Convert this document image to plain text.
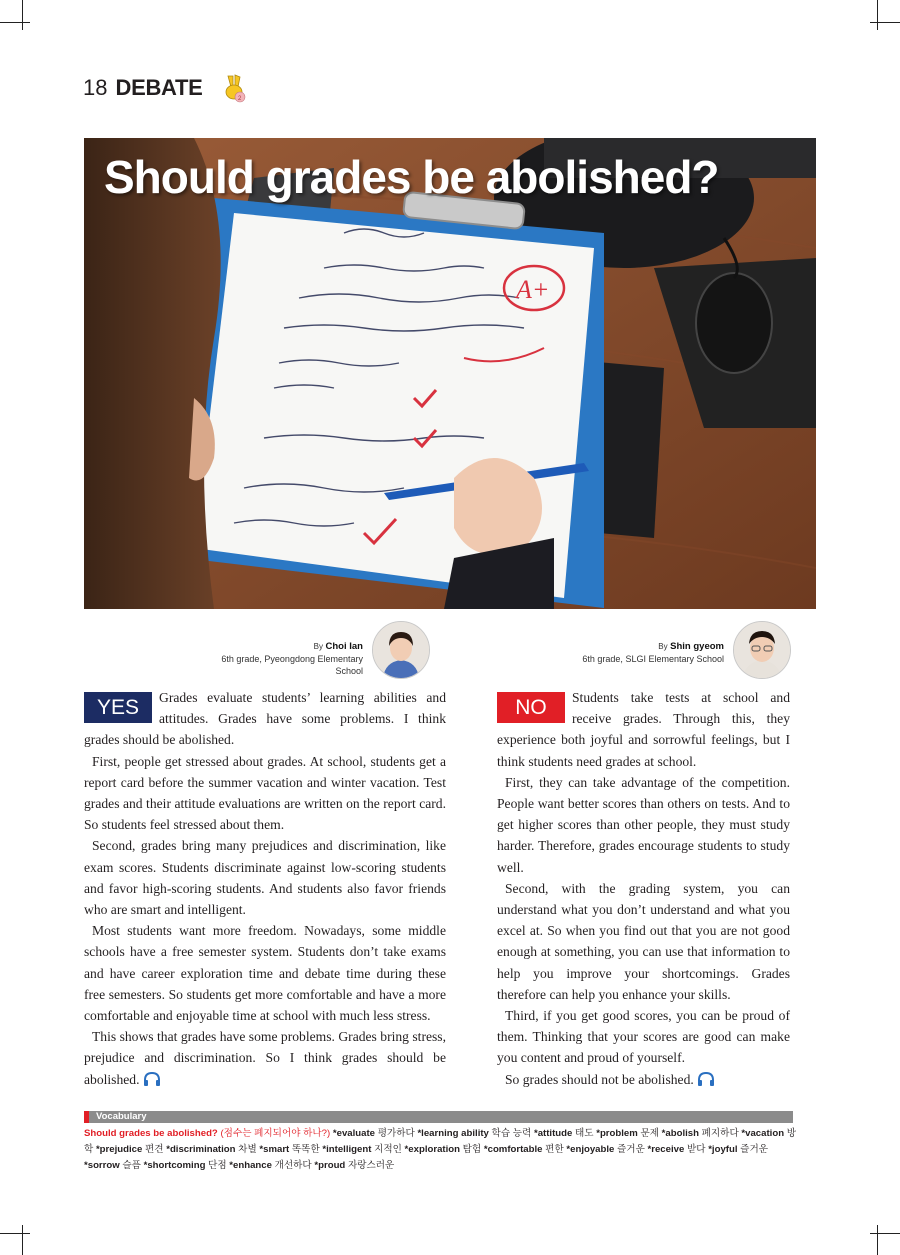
18 DEBATE	2
A+
Should grades be abolished?
By Choi Ian
6th grade, Pyeongdong Elementary School
By Shin gyeom
6th grade, SLGI Elementary School
YES	NO

Grades evaluate students’ learning abilities and attitudes. Grades have some problems. I think grades should be abolished.

First, people get stressed about grades. At school, students get a report card before the summer vacation and winter vacation. Test grades and their attitude evaluations are written on the report card. So students feel stressed about them.

Second, grades bring many prejudices and discrimination, like exam scores. Students discriminate against low-scoring students and favor high-scoring students. And students also favor friends who are smart and intelligent.

Most students want more freedom. Nowadays, some middle schools have a free semester system. Students don’t take exams and have career exploration time and debate time during these free semesters. So students get more comfortable and have a more comfortable and enjoyable time at school with much less stress.

This shows that grades have some problems. Grades bring stress, prejudice and discrimination. So I think grades should be abolished.

Students take tests at school and receive grades. Through this, they experience both joyful and sorrowful feelings, but I think students need grades at school.

First, they can take advantage of the competition. People want better scores than others on tests. And to get higher scores than other people, they must study harder. Therefore, grades encourage students to study well.

Second, with the grading system, you can understand what you don’t understand and what you excel at. So when you find out that you are not good enough at something, you can use that information to help you improve your shortcomings. Grades therefore can help you enhance your skills.

Third, if you get good scores, you can be proud of them. Thinking that your scores are good can make you content and proud of yourself.

So grades should not be abolished.

Vocabulary
Should grades be abolished? (점수는 폐지되어야 하나?) *evaluate 평가하다 *learning ability 학습 능력 *attitude 태도 *problem 문제 *abolish 폐지하다 *vacation 방학 *prejudice 편견 *discrimination 차별 *smart 똑똑한 *intelligent 지적인 *exploration 탐험 *comfortable 편한 *enjoyable 즐거운 *receive 받다 *joyful 즐거운 *sorrow 슬픔 *shortcoming 단점 *enhance 개선하다 *proud 자랑스러운
